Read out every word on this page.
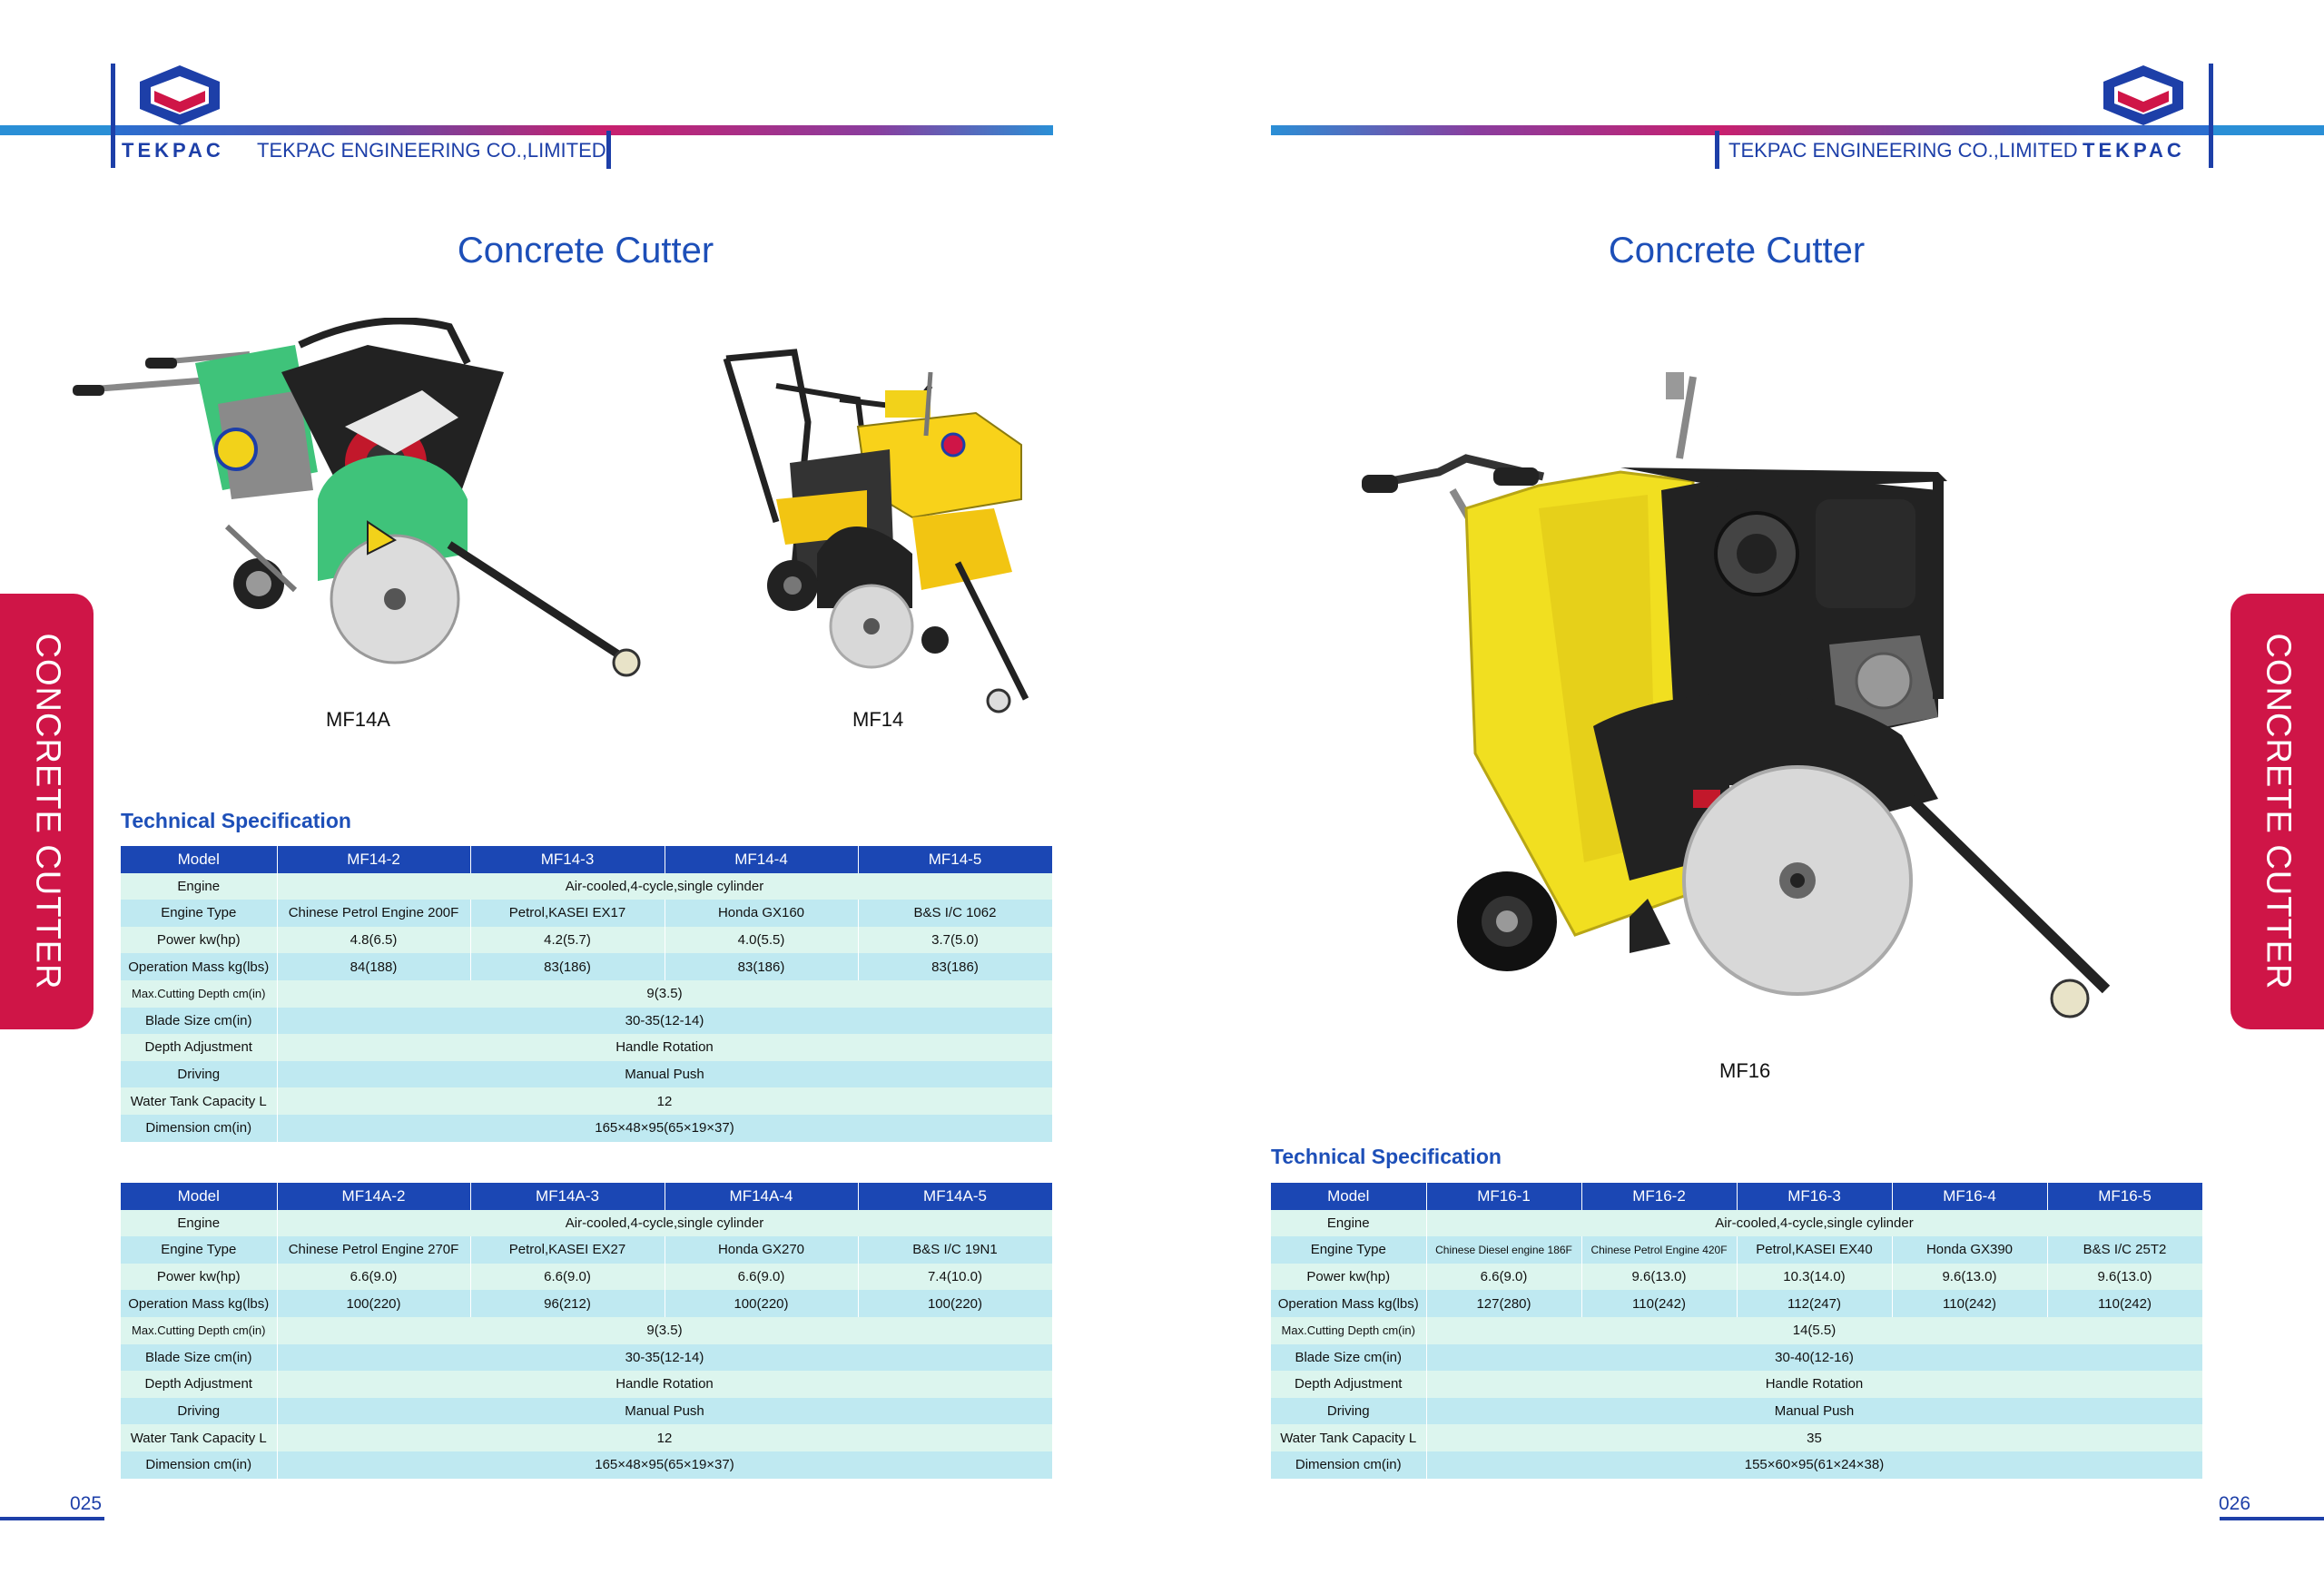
TEKPAC TEKPAC ENGINEERING CO.,LIMITED
Concrete Cutter
CONCRETE CUTTER	MF14A	MF14
Technical Specification
Model	MF14-2	MF14-3	MF14-4	MF14-5
Engine	Air-cooled,4-cycle,single cylinder			
Engine Type	Chinese Petrol Engine 200F	Petrol,KASEI EX17	Honda GX160	B&S I/C 1062
Power kw(hp)	4.8(6.5)	4.2(5.7)	4.0(5.5)	3.7(5.0)
Operation Mass kg(lbs)	84(188)	83(186)	83(186)	83(186)
Max.Cutting Depth cm(in)	9(3.5)			
Blade Size cm(in)	30-35(12-14)			
Depth Adjustment	Handle Rotation			
Driving	Manual Push			
Water Tank Capacity L	12			
Dimension cm(in)	165×48×95(65×19×37)			
Model	MF14A-2	MF14A-3	MF14A-4	MF14A-5
Engine	Air-cooled,4-cycle,single cylinder			
Engine Type	Chinese Petrol Engine 270F	Petrol,KASEI EX27	Honda GX270	B&S I/C 19N1
Power kw(hp)	6.6(9.0)	6.6(9.0)	6.6(9.0)	7.4(10.0)
Operation Mass kg(lbs)	100(220)	96(212)	100(220)	100(220)
Max.Cutting Depth cm(in)	9(3.5)			
Blade Size cm(in)	30-35(12-14)			
Depth Adjustment	Handle Rotation			
Driving	Manual Push			
Water Tank Capacity L	12			
Dimension cm(in)	165×48×95(65×19×37)			
025
TEKPAC ENGINEERING CO.,LIMITED TEKPAC
Concrete Cutter
CONCRETE CUTTER
MF16
Technical Specification
Model	MF16-1	MF16-2	MF16-3	MF16-4	MF16-5
Engine	Air-cooled,4-cycle,single cylinder				
Engine Type	Chinese Diesel engine 186F	Chinese Petrol Engine 420F	Petrol,KASEI EX40	Honda GX390	B&S I/C 25T2
Power kw(hp)	6.6(9.0)	9.6(13.0)	10.3(14.0)	9.6(13.0)	9.6(13.0)
Operation Mass kg(lbs)	127(280)	110(242)	112(247)	110(242)	110(242)
Max.Cutting Depth cm(in)	14(5.5)				
Blade Size cm(in)	30-40(12-16)				
Depth Adjustment	Handle Rotation				
Driving	Manual Push				
Water Tank Capacity L	35				
Dimension cm(in)	155×60×95(61×24×38)				
026
